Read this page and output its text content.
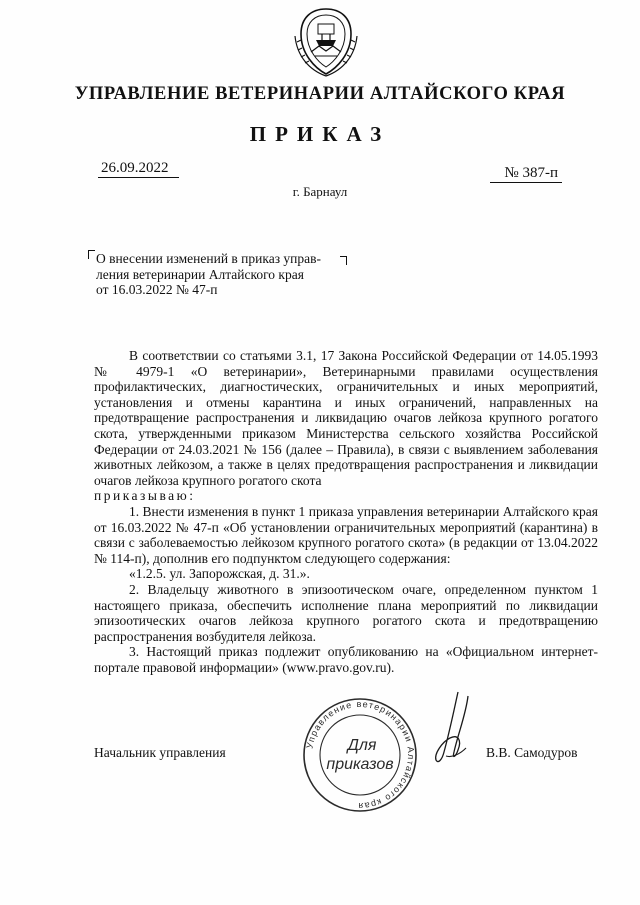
УПРАВЛЕНИЕ ВЕТЕРИНАРИИ АЛТАЙСКОГО КРАЯ
ПРИКАЗ
26.09.2022	№ 387-п
г. Барнаул
О внесении изменений в приказ управ-
ления ветеринарии Алтайского края
от 16.03.2022 № 47-п

В соответствии со статьями 3.1, 17 Закона Российской Федерации от 14.05.1993 № 4979-1 «О ветеринарии», Ветеринарными правилами осуществления профилактических, диагностических, ограничительных и иных мероприятий, установления и отмены карантина и иных ограничений, направленных на предотвращение распространения и ликвидацию очагов лейкоза крупного рогатого скота, утвержденными приказом Министерства сельского хозяйства Российской Федерации от 24.03.2021 № 156 (далее – Правила), в связи с выявлением заболевания животных лейкозом, а также в целях предотвращения распространения и ликвидации очагов лейкоза крупного рогатого скота

приказываю:

1. Внести изменения в пункт 1 приказа управления ветеринарии Алтайского края от 16.03.2022 № 47-п «Об установлении ограничительных мероприятий (карантина) в связи с заболеваемостью лейкозом крупного рогатого скота» (в редакции от 13.04.2022 № 114-п), дополнив его подпунктом следующего содержания:

«1.2.5. ул. Запорожская, д. 31.».

2. Владельцу животного в эпизоотическом очаге, определенном пунктом 1 настоящего приказа, обеспечить исполнение плана мероприятий по ликвидации эпизоотических очагов лейкоза крупного рогатого скота и предотвращению распространения возбудителя лейкоза.

3. Настоящий приказ подлежит опубликованию на «Официальном интернет-портале правовой информации» (www.pravo.gov.ru).

Начальник управления	В.В. Самодуров
Управление ветеринарии Алтайского края
Для
приказов
